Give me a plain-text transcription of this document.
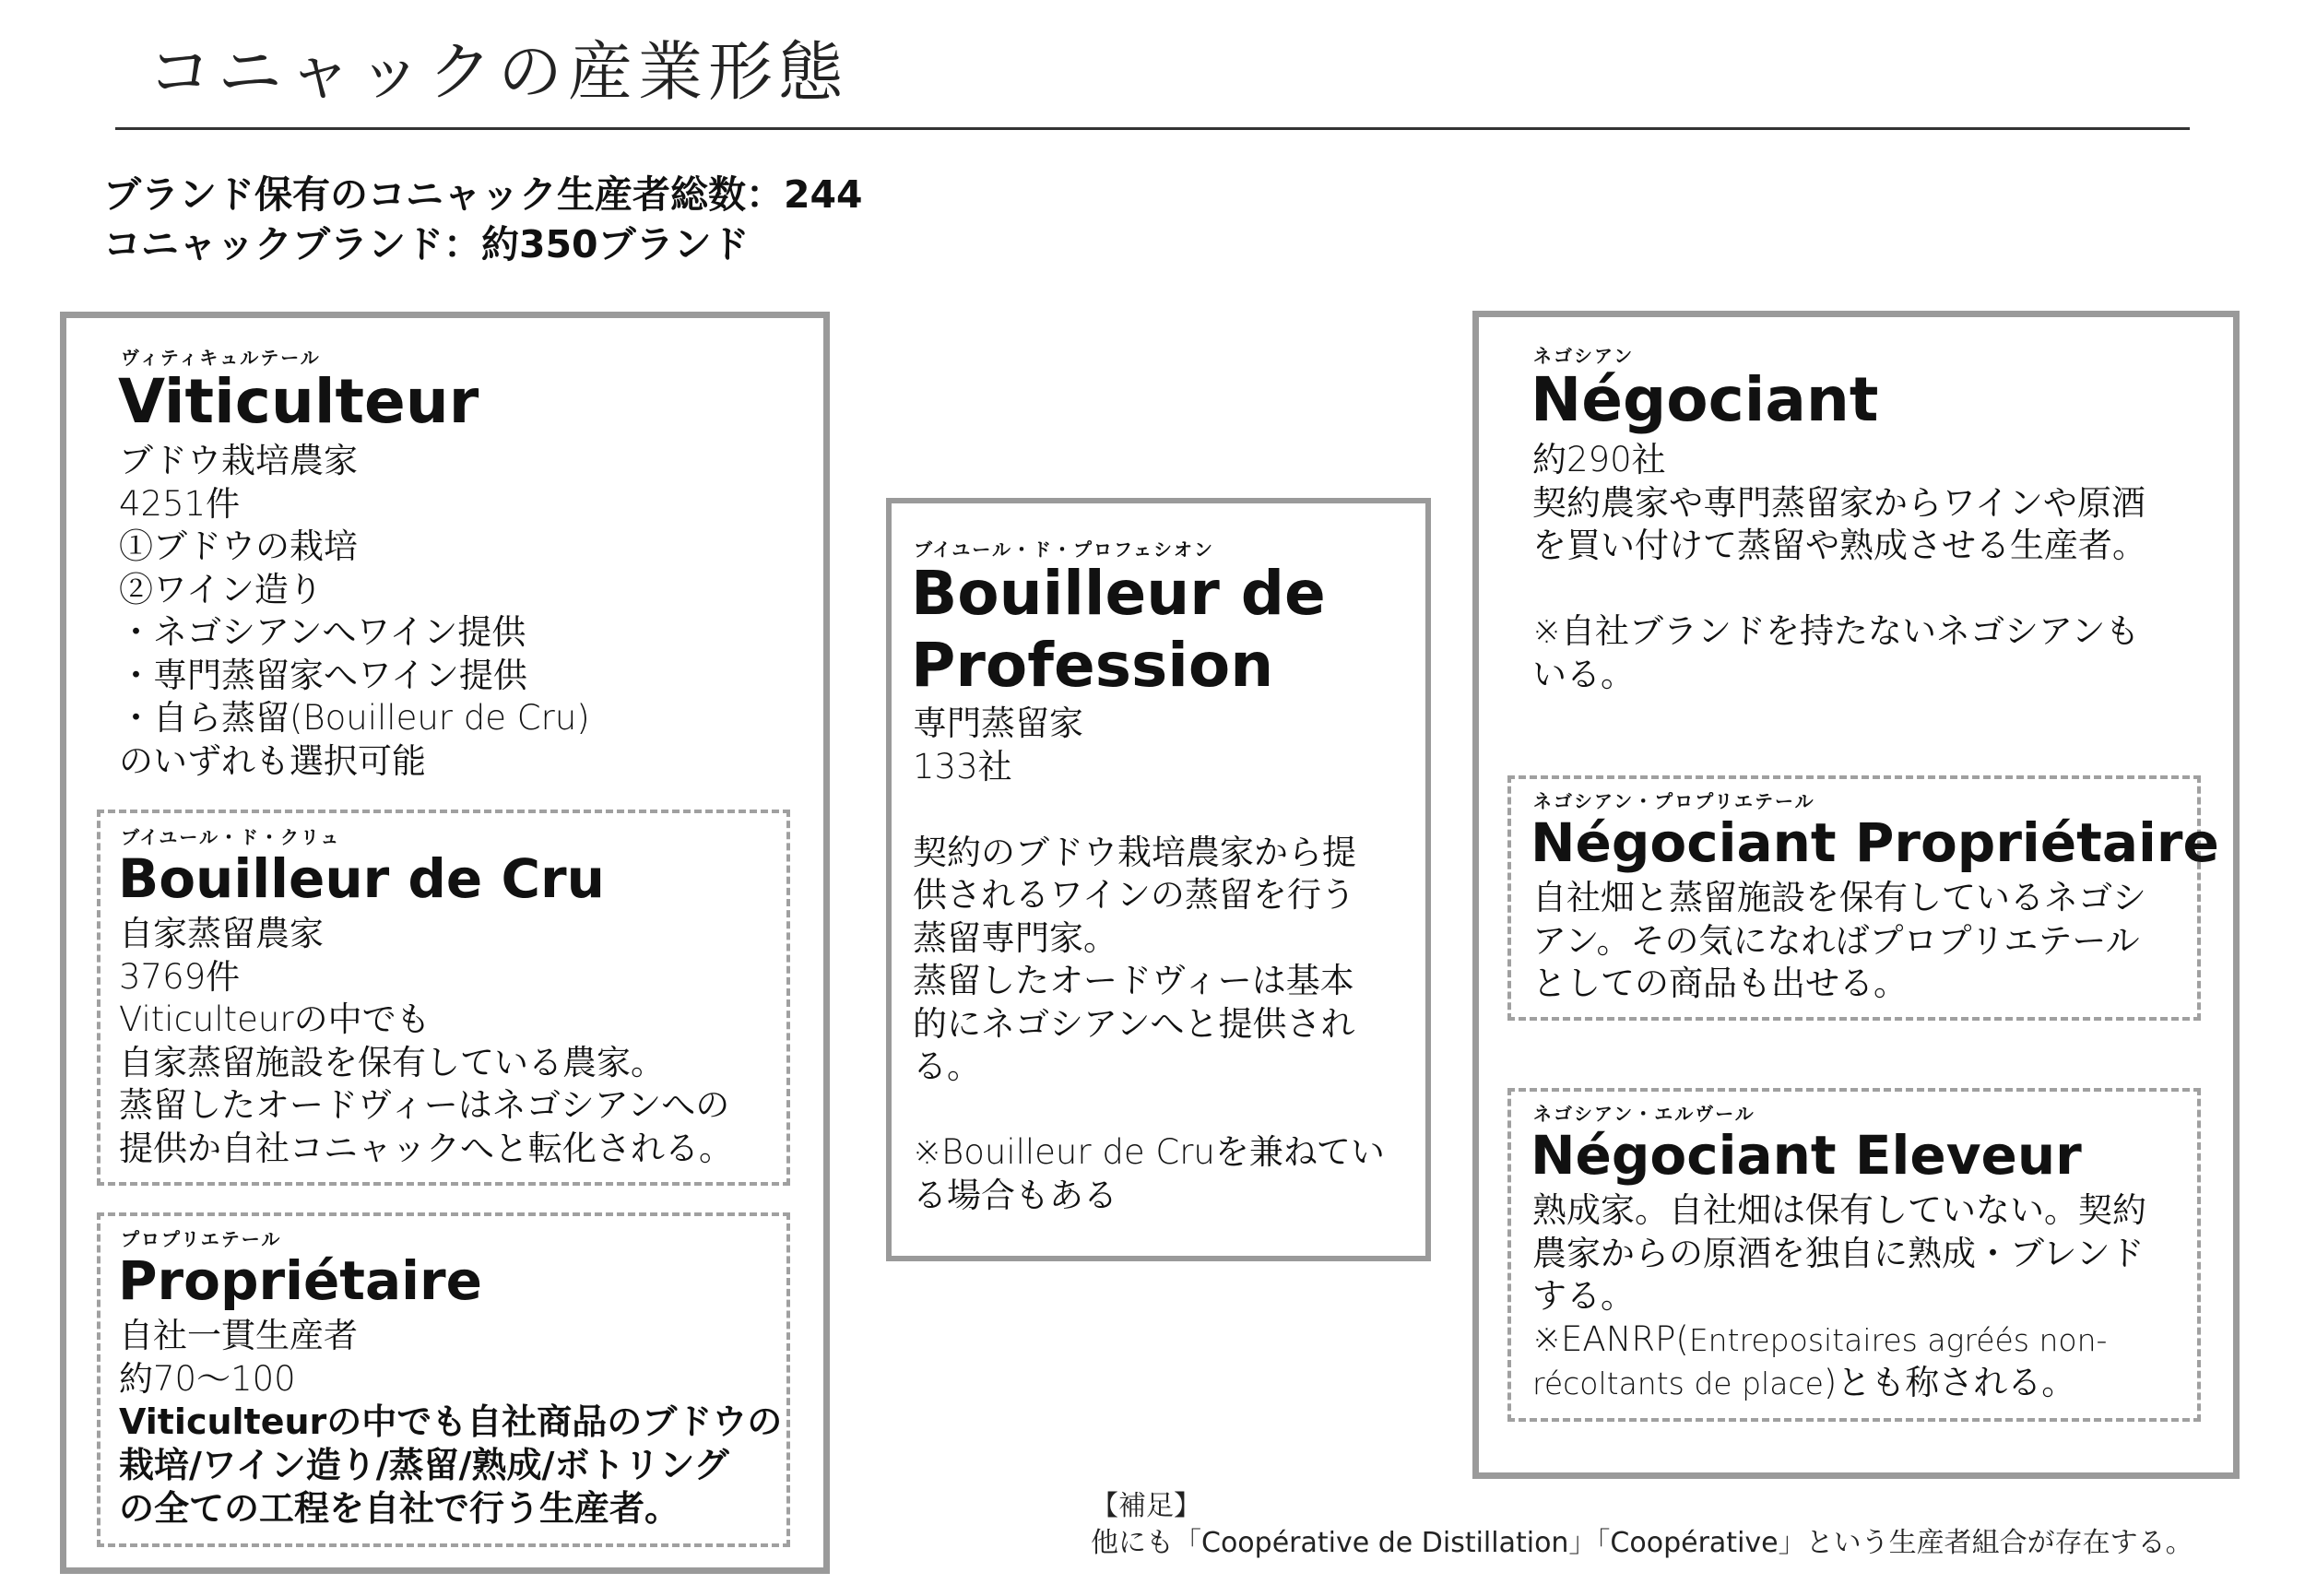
コニャックの産業形態
ブランド保有のコニャック生産者総数：244
コニャックブランド：約350ブランド
ヴィティキュルテール
Viticulteur
ブドウ栽培農家
4251件
①ブドウの栽培
②ワイン造り
・ネゴシアンへワイン提供
・専門蒸留家へワイン提供
・自ら蒸留(Bouilleur de Cru)
のいずれも選択可能
ブイユール・ド・クリュ
Bouilleur de Cru
自家蒸留農家
3769件
Viticulteurの中でも
自家蒸留施設を保有している農家。
蒸留したオードヴィーはネゴシアンへの
提供か自社コニャックへと転化される。
プロプリエテール
Propriétaire
自社一貫生産者
約70～100
Viticulteurの中でも自社商品のブドウの
栽培/ワイン造り/蒸留/熟成/ボトリング
の全ての工程を自社で行う生産者。
ブイユール・ド・プロフェシオン
Bouilleur de
Profession
専門蒸留家
133社
契約のブドウ栽培農家から提
供されるワインの蒸留を行う
蒸留専門家。
蒸留したオードヴィーは基本
的にネゴシアンへと提供され
る。
※Bouilleur de Cruを兼ねてい
る場合もある
ネゴシアン
Négociant
約290社
契約農家や専門蒸留家からワインや原酒
を買い付けて蒸留や熟成させる生産者。
※自社ブランドを持たないネゴシアンも
いる。
ネゴシアン・プロプリエテール
Négociant Propriétaire
自社畑と蒸留施設を保有しているネゴシ
アン。その気になればプロプリエテール
としての商品も出せる。
ネゴシアン・エルヴール
Négociant Eleveur
熟成家。自社畑は保有していない。契約
農家からの原酒を独自に熟成・ブレンド
する。
※EANRP(Entrepositaires agréés non-
récoltants de place)とも称される。
【補足】
他にも「Coopérative de Distillation」「Coopérative」という生産者組合が存在する。
